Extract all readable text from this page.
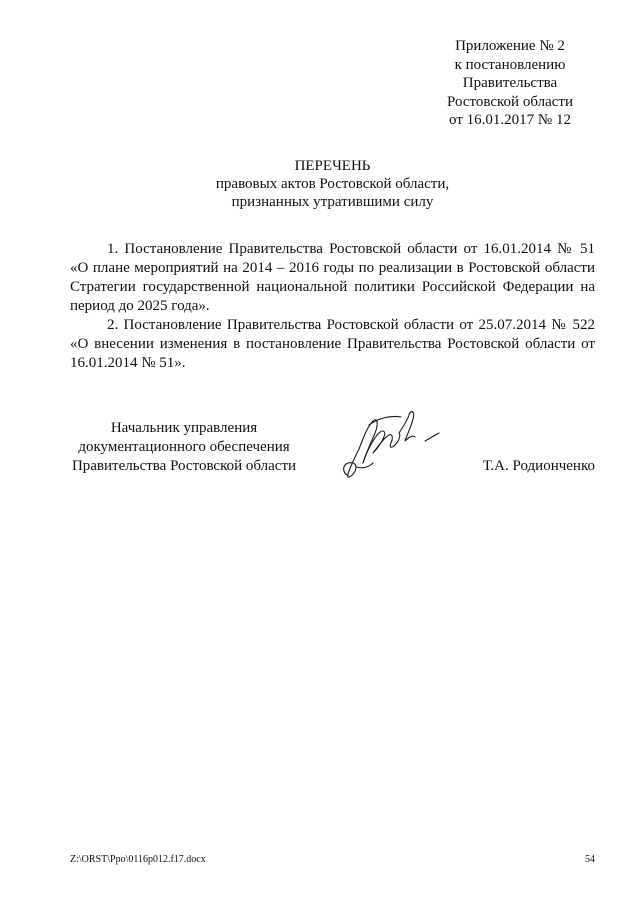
Приложение № 2
к постановлению
Правительства
Ростовской области
от 16.01.2017 № 12
ПЕРЕЧЕНЬ
правовых актов Ростовской области,
признанных утратившими силу

1. Постановление Правительства Ростовской области от 16.01.2014 № 51 «О плане мероприятий на 2014 – 2016 годы по реализации в Ростовской области Стратегии государственной национальной политики Российской Федерации на период до 2025 года».

2. Постановление Правительства Ростовской области от 25.07.2014 № 522 «О внесении изменения в постановление Правительства Ростовской области от 16.01.2014 № 51».

Начальник управления
документационного обеспечения
Правительства Ростовской области	Т.А. Родионченко
Z:\ORST\Ppo\0116p012.f17.docx	54
